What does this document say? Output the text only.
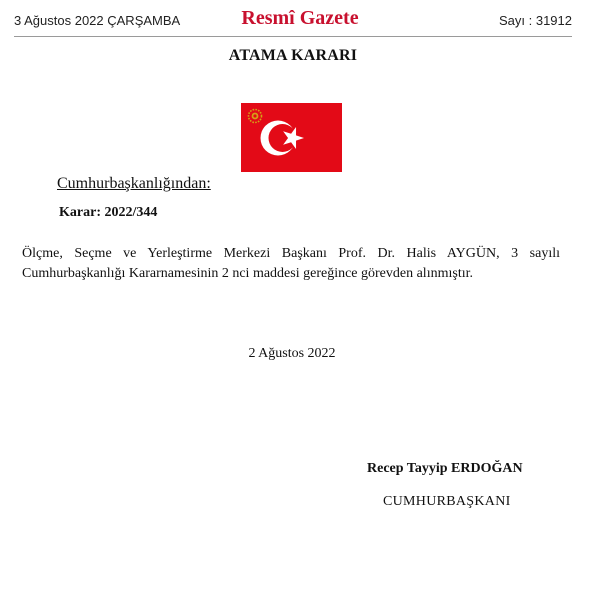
3 Ağustos 2022 ÇARŞAMBA	Resmî Gazete	Sayı : 31912
ATAMA KARARI
Cumhurbaşkanlığından:
Karar: 2022/344
Ölçme, Seçme ve Yerleştirme Merkezi Başkanı Prof. Dr. Halis AYGÜN, 3 sayılı Cumhurbaşkanlığı Kararnamesinin 2 nci maddesi gereğince görevden alınmıştır.
2 Ağustos 2022
Recep Tayyip ERDOĞAN
CUMHURBAŞKANI
